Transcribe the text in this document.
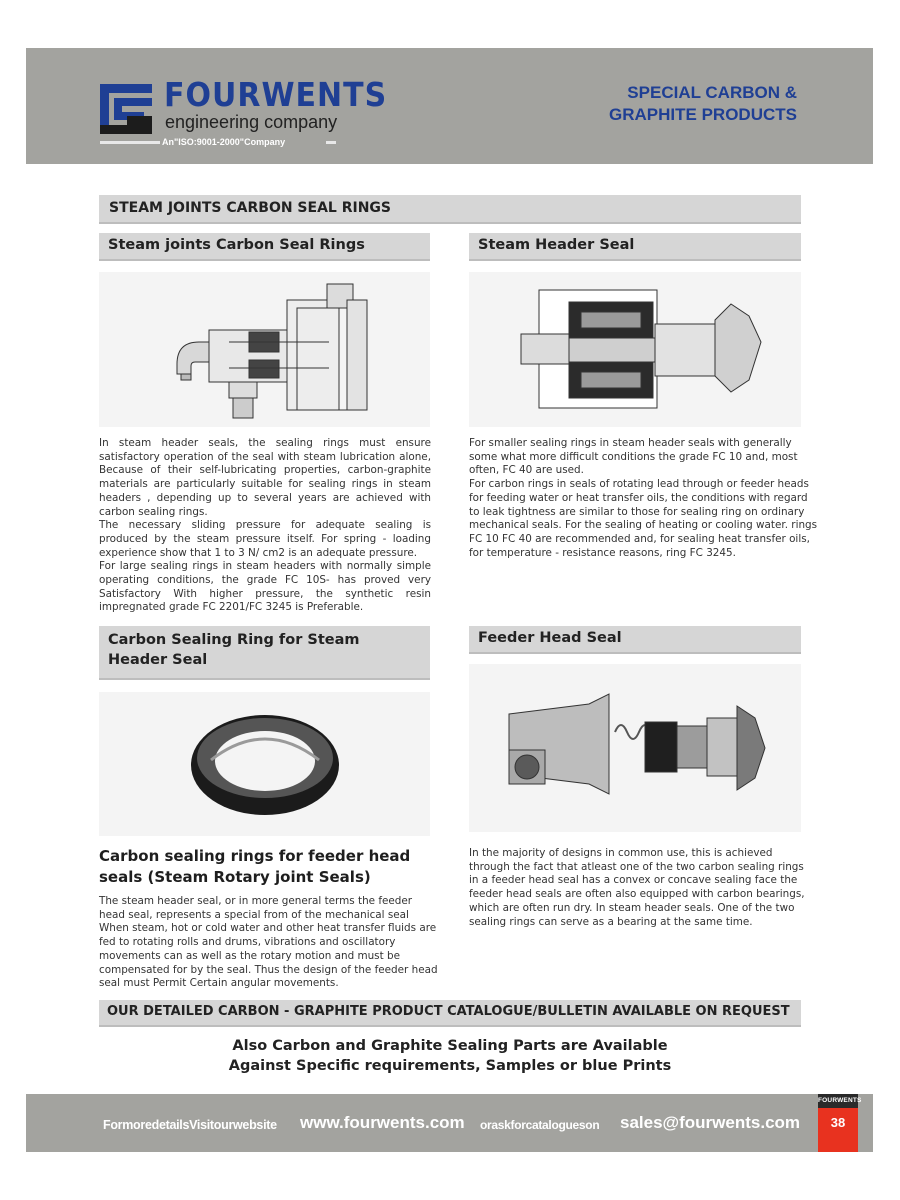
FOURWENTS
engineering company
An"ISO:9001-2000"Company
SPECIAL CARBON &
GRAPHITE PRODUCTS
STEAM JOINTS CARBON SEAL RINGS
Steam joints Carbon Seal Rings	Steam Header Seal

In steam header seals, the sealing rings must ensure satisfactory operation of the seal with steam lubrication alone, Because of their self-lubricating properties, carbon-graphite materials are particularly suitable for sealing rings in steam headers , depending up to several years are achieved with carbon sealing rings.

The necessary sliding pressure for adequate sealing is produced by the steam pressure itself. For spring - loading experience show that 1 to 3 N/ cm2 is an adequate pressure.

For large sealing rings in steam headers with normally simple operating conditions, the grade FC 10S- has proved very Satisfactory With higher pressure, the synthetic resin impregnated grade FC 2201/FC 3245 is Preferable.

For smaller sealing rings in steam header seals with generally some what more difficult conditions the grade FC 10 and, most often, FC 40 are used.

For carbon rings in seals of rotating lead through or feeder heads for feeding water or heat transfer oils, the conditions with regard to leak tightness are similar to those for sealing ring on ordinary mechanical seals. For the sealing of heating or cooling water. rings FC 10 FC 40 are recommended and, for sealing heat transfer oils, for temperature - resistance reasons, ring FC 3245.

Carbon Sealing Ring for Steam Header Seal
Feeder Head Seal
Carbon sealing rings for feeder head seals (Steam Rotary joint Seals)
The steam header seal, or in more general terms the feeder head seal, represents a special from of the mechanical seal When steam, hot or cold water and other heat transfer fluids are fed to rotating rolls and drums, vibrations and oscillatory movements can as well as the rotary motion and must be compensated for by the seal. Thus the design of the feeder head seal must Permit Certain angular movements.
In the majority of designs in common use, this is achieved through the fact that atleast one of the two carbon sealing rings in a feeder head seal has a convex or concave sealing face the feeder head seals are often also equipped with carbon bearings, which are often run dry. In steam header seals. One of the two sealing rings can serve as a bearing at the same time.
OUR DETAILED CARBON - GRAPHITE PRODUCT CATALOGUE/BULLETIN AVAILABLE ON REQUEST
Also Carbon and Graphite Sealing Parts are Available
Against Specific requirements, Samples or blue Prints
FormoredetailsVisitourwebsite www.fourwents.com oraskforcatalogueson sales@fourwents.com
FOURWENTS
38
